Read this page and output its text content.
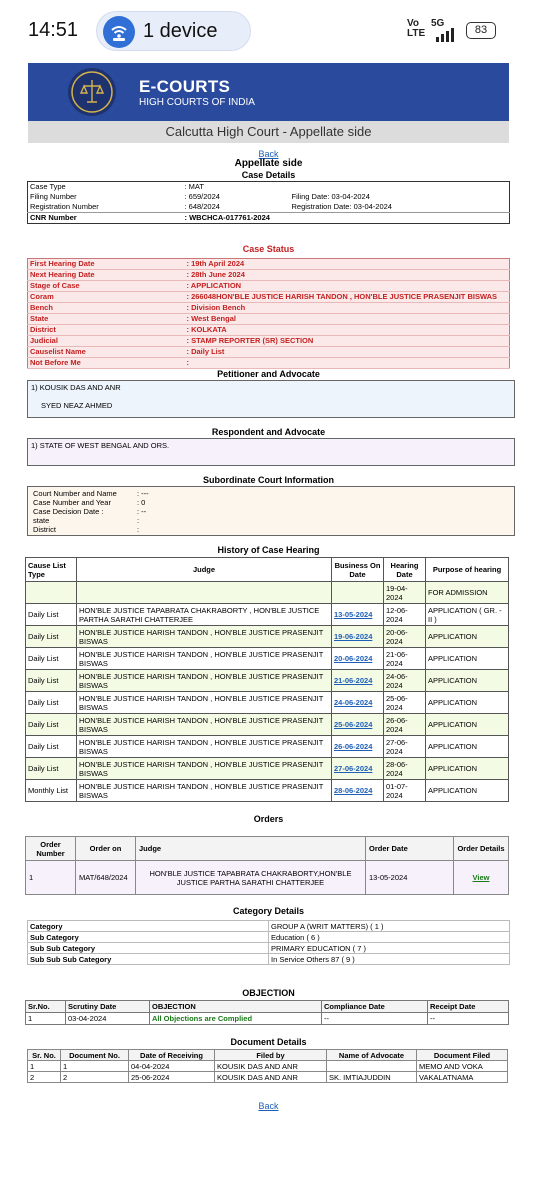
14:51	1 device	Vo
LTE
5G
83
E-COURTS
HIGH COURTS OF INDIA
Calcutta High Court - Appellate side
Back
Appellate side
Case Details
Case Type	: MAT	
Filing Number	: 659/2024	Filing Date: 03-04-2024
Registration Number	: 648/2024	Registration Date: 03-04-2024
CNR Number	: WBCHCA-017761-2024	
Case Status
First Hearing Date	: 19th April 2024
Next Hearing Date	: 28th June 2024
Stage of Case	: APPLICATION
Coram	: 266048HON'BLE JUSTICE HARISH TANDON , HON'BLE JUSTICE PRASENJIT BISWAS
Bench	: Division Bench
State	: West Bengal
District	: KOLKATA
Judicial	: STAMP REPORTER (SR) SECTION
Causelist Name	: Daily List
Not Before Me	:
Petitioner and Advocate
1) KOUSIK DAS AND ANR
SYED NEAZ AHMED
Respondent and Advocate
1) STATE OF WEST BENGAL AND ORS.
Subordinate Court Information
Court Number and Name	: ---
Case Number and Year	: 0
Case Decision Date :	: --
state	:
District	:
History of Case Hearing
Cause List Type	Judge	Business On Date	Hearing Date	Purpose of hearing
			19-04-2024	FOR ADMISSION
Daily List	HON'BLE JUSTICE TAPABRATA CHAKRABORTY , HON'BLE JUSTICE PARTHA SARATHI CHATTERJEE	13-05-2024	12-06-2024	APPLICATION ( GR. - II )
Daily List	HON'BLE JUSTICE HARISH TANDON , HON'BLE JUSTICE PRASENJIT BISWAS	19-06-2024	20-06-2024	APPLICATION
Daily List	HON'BLE JUSTICE HARISH TANDON , HON'BLE JUSTICE PRASENJIT BISWAS	20-06-2024	21-06-2024	APPLICATION
Daily List	HON'BLE JUSTICE HARISH TANDON , HON'BLE JUSTICE PRASENJIT BISWAS	21-06-2024	24-06-2024	APPLICATION
Daily List	HON'BLE JUSTICE HARISH TANDON , HON'BLE JUSTICE PRASENJIT BISWAS	24-06-2024	25-06-2024	APPLICATION
Daily List	HON'BLE JUSTICE HARISH TANDON , HON'BLE JUSTICE PRASENJIT BISWAS	25-06-2024	26-06-2024	APPLICATION
Daily List	HON'BLE JUSTICE HARISH TANDON , HON'BLE JUSTICE PRASENJIT BISWAS	26-06-2024	27-06-2024	APPLICATION
Daily List	HON'BLE JUSTICE HARISH TANDON , HON'BLE JUSTICE PRASENJIT BISWAS	27-06-2024	28-06-2024	APPLICATION
Monthly List	HON'BLE JUSTICE HARISH TANDON , HON'BLE JUSTICE PRASENJIT BISWAS	28-06-2024	01-07-2024	APPLICATION
Orders
Order Number	Order on	Judge	Order Date	Order Details
1	MAT/648/2024	HON'BLE JUSTICE TAPABRATA CHAKRABORTY,HON'BLE JUSTICE PARTHA SARATHI CHATTERJEE	13-05-2024	View
Category Details
Category	GROUP A (WRIT MATTERS) ( 1 )
Sub Category	Education ( 6 )
Sub Sub Category	PRIMARY EDUCATION ( 7 )
Sub Sub Sub Category	In Service Others 87 ( 9 )
OBJECTION
Sr.No.	Scrutiny Date	OBJECTION	Compliance Date	Receipt Date
1	03-04-2024	All Objections are Complied	--	--
Document Details
Sr. No.	Document No.	Date of Receiving	Filed by	Name of Advocate	Document Filed
1	1	04-04-2024	KOUSIK DAS AND ANR		MEMO AND VOKA
2	2	25-06-2024	KOUSIK DAS AND ANR	SK. IMTIAJUDDIN	VAKALATNAMA
Back
